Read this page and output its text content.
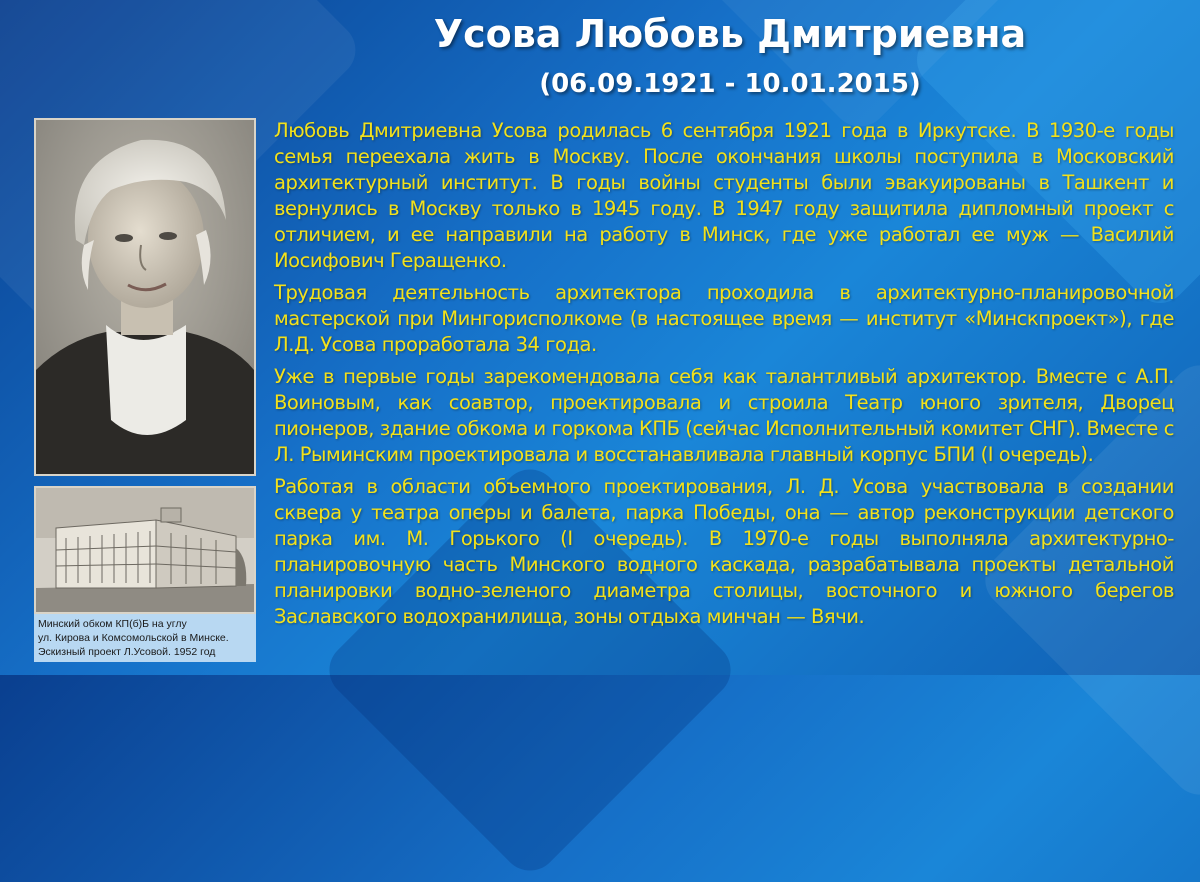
Усова Любовь Дмитриевна
(06.09.1921 - 10.01.2015)
Минский обком КП(б)Б на углу
ул. Кирова и Комсомольской в Минске.
Эскизный проект Л.Усовой. 1952 год

Любовь Дмитриевна Усова родилась 6 сентября 1921 года в Иркутске. В 1930-е годы семья переехала жить в Москву. После окончания школы поступила в Московский архитектурный институт. В годы войны студенты были эвакуированы в Ташкент и вернулись в Москву только в 1945 году. В 1947 году защитила дипломный проект с отличием, и ее направили на работу в Минск, где уже работал ее муж — Василий Иосифович Геращенко.

Трудовая деятельность архитектора проходила в архитектурно-планировочной мастерской при Мингорисполкоме (в настоящее время — институт «Минскпроект»), где Л.Д. Усова проработала 34 года.

Уже в первые годы зарекомендовала себя как талантливый архитектор. Вместе с А.П. Воиновым, как соавтор, проектировала и строила Театр юного зрителя, Дворец пионеров, здание обкома и горкома КПБ (сейчас Исполнительный комитет СНГ). Вместе с Л. Рыминским проектировала и восстанавливала главный корпус БПИ (I очередь).

Работая в области объемного проектирования, Л. Д. Усова участвовала в создании сквера у театра оперы и балета, парка Победы, она — автор реконструкции детского парка им. М. Горького (I очередь). В 1970-е годы выполняла архитектурно-планировочную часть Минского водного каскада, разрабатывала проекты детальной планировки водно-зеленого диаметра столицы, восточного и южного берегов Заславского водохранилища, зоны отдыха минчан — Вячи.
